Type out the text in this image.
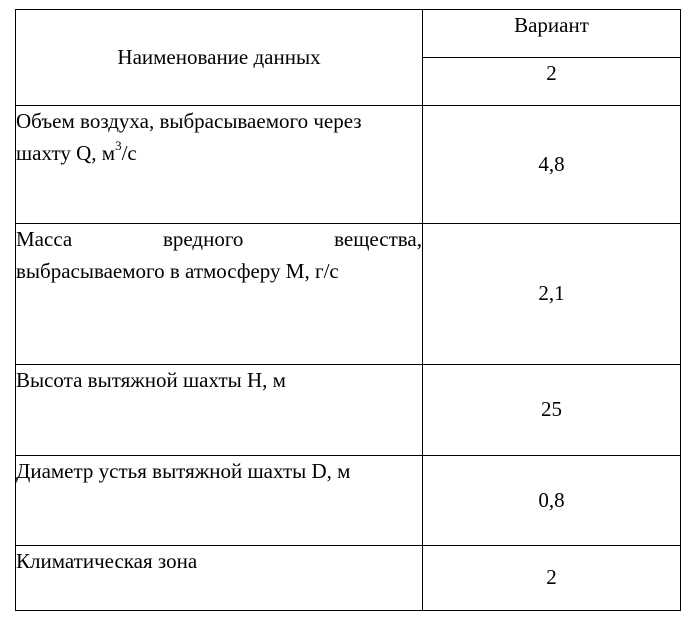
Наименование данных	Вариант
	2

Объем воздуха, выбрасываемого через
шахту Q, $м^3/с$	4,8

Масса вредного вещества,
выбрасываемого в атмосферу М, г/с	2,1
Высота вытяжной шахты Н, м	25
Диаметр устья вытяжной шахты D, м	0,8
Климатическая зона	2
